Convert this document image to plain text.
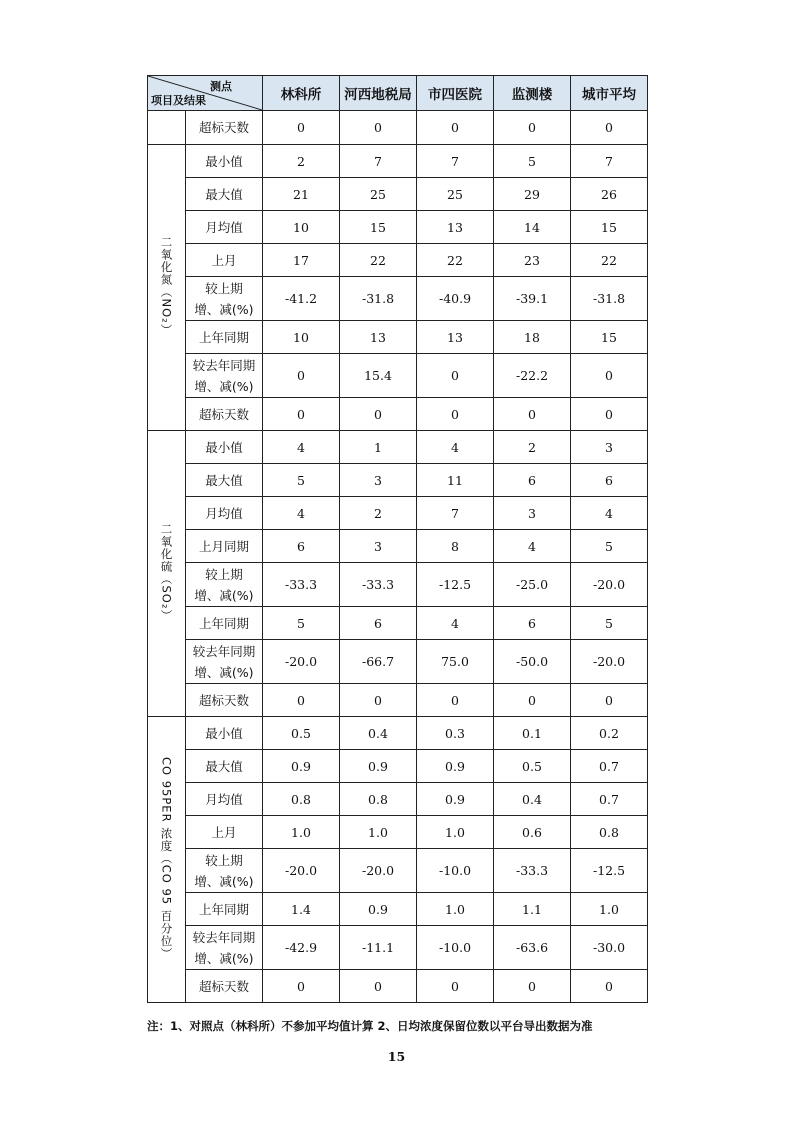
测点
项目及结果		林科所	河西地税局	市四医院	监测楼	城市平均
	超标天数	0	0	0	0	0
二氧化氮（NO₂）	最小值	2	7	7	5	7
	最大值	21	25	25	29	26
	月均值	10	15	13	14	15
	上月	17	22	22	23	22
	较上期
增、减(%)	-41.2	-31.8	-40.9	-39.1	-31.8
	上年同期	10	13	13	18	15
	较去年同期
增、减(%)	0	15.4	0	-22.2	0
	超标天数	0	0	0	0	0
二氧化硫（SO₂）	最小值	4	1	4	2	3
	最大值	5	3	11	6	6
	月均值	4	2	7	3	4
	上月同期	6	3	8	4	5
	较上期
增、减(%)	-33.3	-33.3	-12.5	-25.0	-20.0
	上年同期	5	6	4	6	5
	较去年同期
增、减(%)	-20.0	-66.7	75.0	-50.0	-20.0
	超标天数	0	0	0	0	0
CO 95PER 浓度（CO 95 百分位）	最小值	0.5	0.4	0.3	0.1	0.2
	最大值	0.9	0.9	0.9	0.5	0.7
	月均值	0.8	0.8	0.9	0.4	0.7
	上月	1.0	1.0	1.0	0.6	0.8
	较上期
增、减(%)	-20.0	-20.0	-10.0	-33.3	-12.5
	上年同期	1.4	0.9	1.0	1.1	1.0
	较去年同期
增、减(%)	-42.9	-11.1	-10.0	-63.6	-30.0
	超标天数	0	0	0	0	0
注：1、对照点（林科所）不参加平均值计算 2、日均浓度保留位数以平台导出数据为准
15
